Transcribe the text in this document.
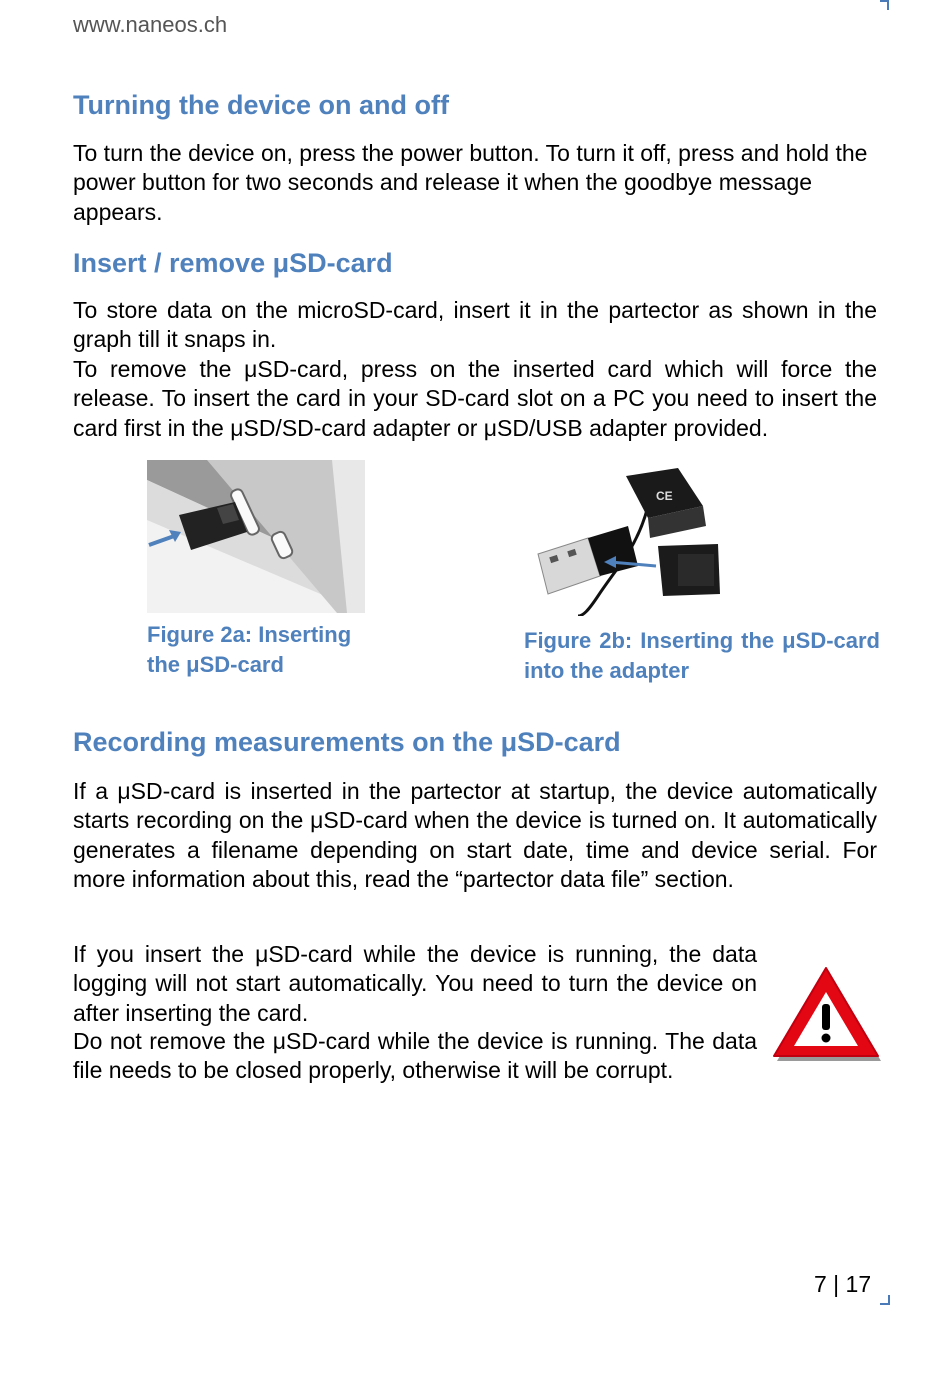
www.naneos.ch
Turning the device on and off

To turn the device on, press the power button. To turn it off, press and hold the power button for two seconds and release it when the goodbye message appears.

Insert / remove μSD-card

To store data on the microSD-card, insert it in the partector as shown in the graph till it snaps in.

To remove the μSD-card, press on the inserted card which will force the release. To insert the card in your SD-card slot on a PC you need to insert the card first in the μSD/SD-card adapter or μSD/USB adapter provided.

Figure 2a: Inserting the μSD-card

CE

Figure 2b: Inserting the μSD-card into the adapter

Recording measurements on the μSD-card

If a μSD-card is inserted in the partector at startup, the device automatically starts recording on the μSD-card when the device is turned on. It automatically generates a filename depending on start date, time and device serial. For more information about this, read the “partector data file” section.

If you insert the μSD-card while the device is running, the data logging will not start automatically. You need to turn the device on after inserting the card.

Do not remove the μSD-card while the device is running. The data file needs to be closed properly, otherwise it will be corrupt.

7 | 17
